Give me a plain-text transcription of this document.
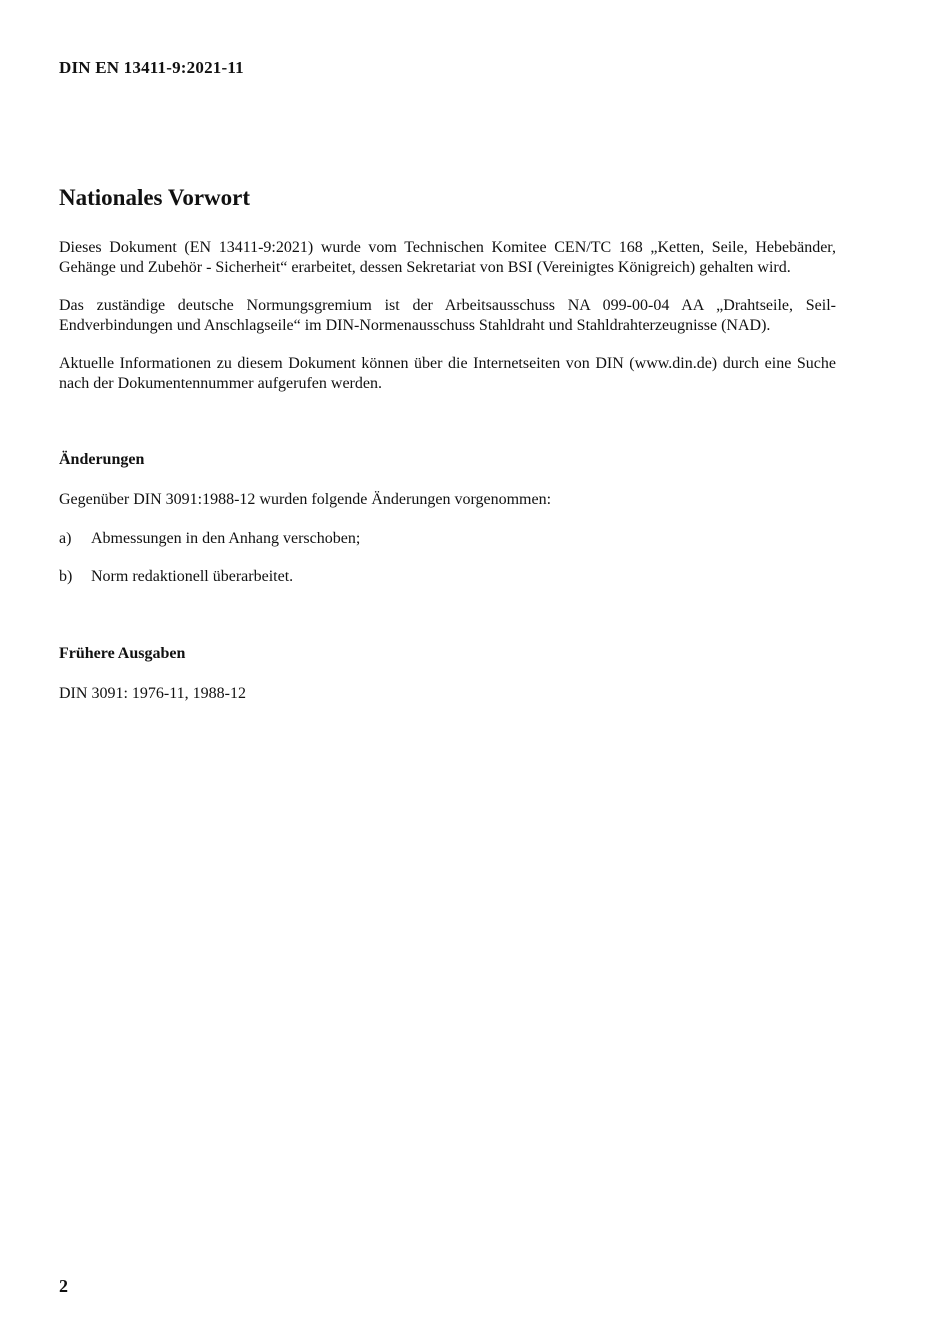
DIN EN 13411-9:2021-11
Nationales Vorwort

Dieses Dokument (EN 13411-9:2021) wurde vom Technischen Komitee CEN/TC 168 „Ketten, Seile, Hebebänder, Gehänge und Zubehör - Sicherheit“ erarbeitet, dessen Sekretariat von BSI (Vereinigtes Königreich) gehalten wird.

Das zuständige deutsche Normungsgremium ist der Arbeitsausschuss NA 099-00-04 AA „Drahtseile, Seil-Endverbindungen und Anschlagseile“ im DIN-Normenausschuss Stahldraht und Stahldrahterzeugnisse (NAD).

Aktuelle Informationen zu diesem Dokument können über die Internetseiten von DIN (www.din.de) durch eine Suche nach der Dokumentennummer aufgerufen werden.

Änderungen

Gegenüber DIN 3091:1988-12 wurden folgende Änderungen vorgenommen:

a)	Abmessungen in den Anhang verschoben;
b)	Norm redaktionell überarbeitet.
Frühere Ausgaben

DIN 3091: 1976-11, 1988-12

2
